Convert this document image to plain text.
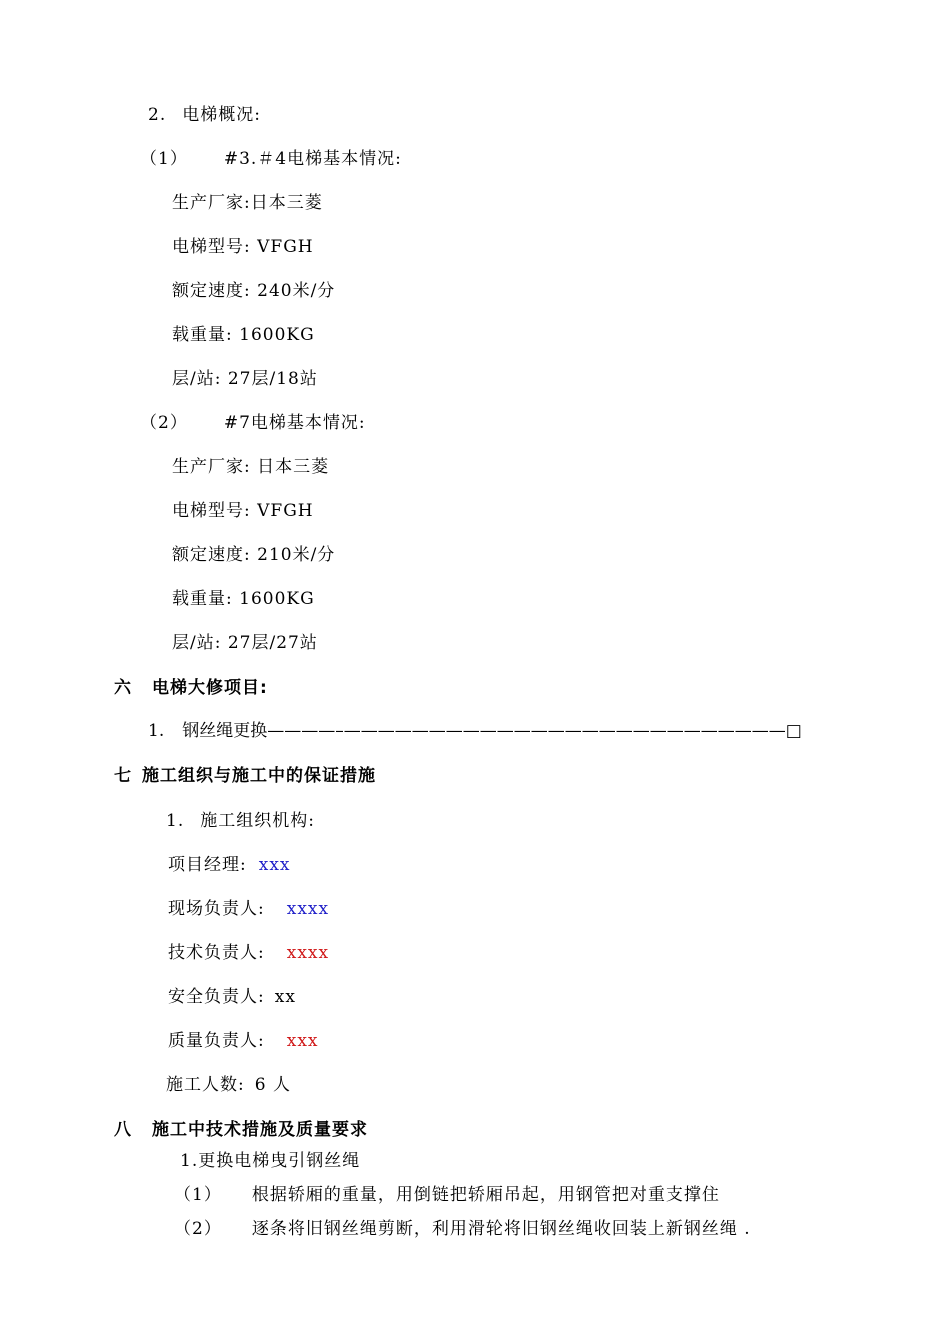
2. 电梯概况:
（1） #3.＃4电梯基本情况:
生产厂家:日本三菱
电梯型号: VFGH
额定速度: 240米/分
载重量: 1600KG
层/站: 27层/18站
（2） #7电梯基本情况:
生产厂家: 日本三菱
电梯型号: VFGH
额定速度: 210米/分
载重量: 1600KG
层/站: 27层/27站
六 电梯大修项目:
1. 钢丝绳更换————–——————————————————————————□
七 施工组织与施工中的保证措施
1. 施工组织机构:
项目经理: xxx
现场负责人: xxxx
技术负责人: xxxx
安全负责人: xx
质量负责人: xxx
施工人数: 6 人
八 施工中技术措施及质量要求
1.更换电梯曳引钢丝绳
（1） 根据轿厢的重量，用倒链把轿厢吊起，用钢管把对重支撑住
（2） 逐条将旧钢丝绳剪断，利用滑轮将旧钢丝绳收回装上新钢丝绳 .
